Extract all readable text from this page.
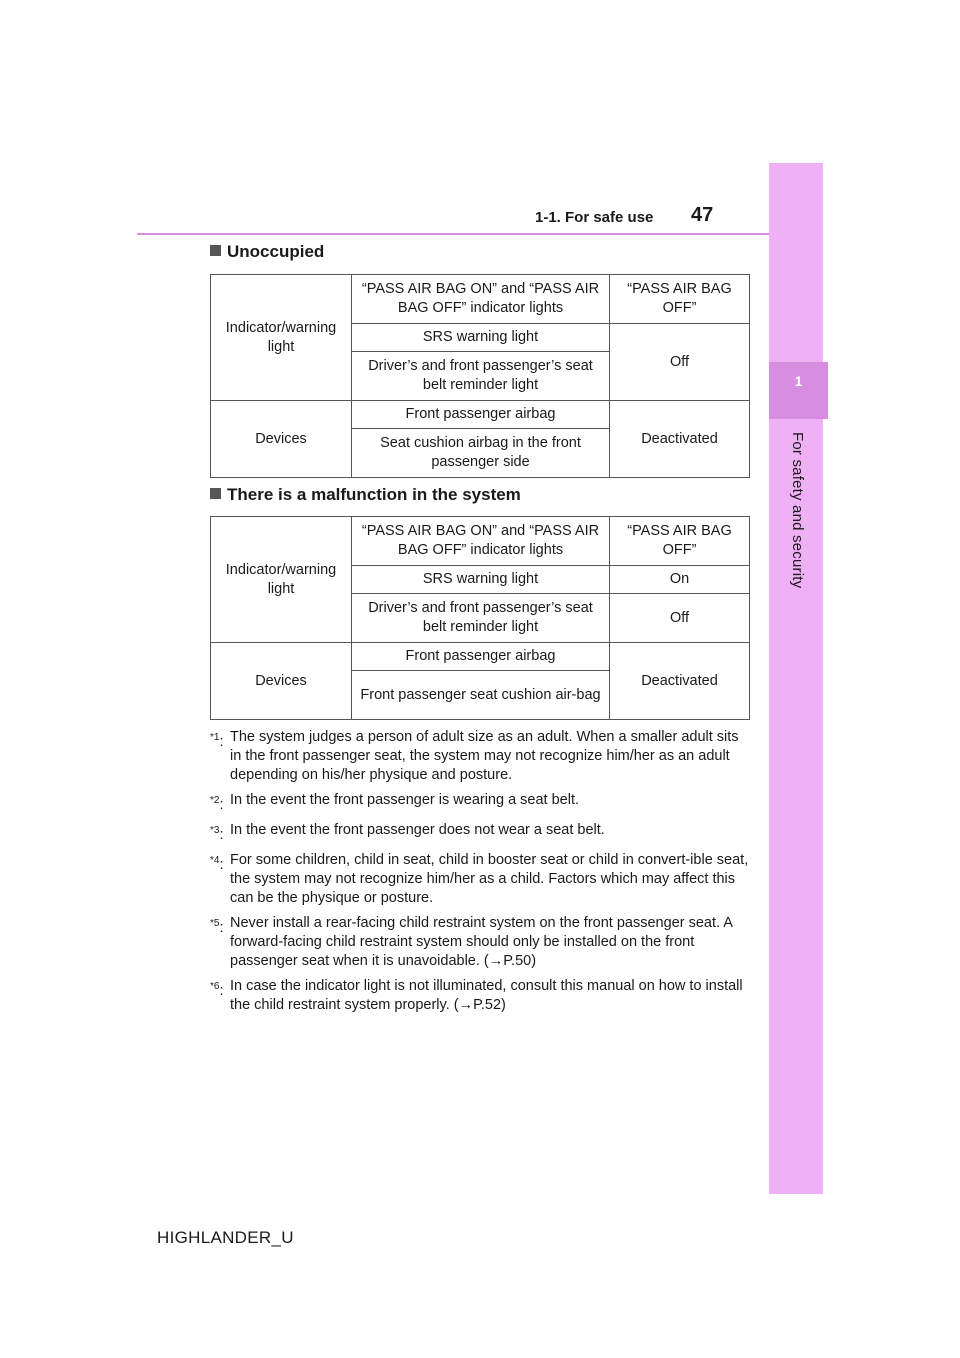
1
For safety and security
1-1. For safe use 47
Unoccupied
Indicator/warning light	“PASS AIR BAG ON” and “PASS AIR BAG OFF” indicator lights	“PASS AIR BAG OFF”
	SRS warning light	Off
	Driver’s and front passenger’s seat belt reminder light	
Devices	Front passenger airbag	Deactivated
	Seat cushion airbag in the front passenger side	
There is a malfunction in the system
Indicator/warning light	“PASS AIR BAG ON” and “PASS AIR BAG OFF” indicator lights	“PASS AIR BAG OFF”
	SRS warning light	On
	Driver’s and front passenger’s seat belt reminder light	Off
Devices	Front passenger airbag	Deactivated
	Front passenger seat cushion air-bag	
$^{*1}$: The system judges a person of adult size as an adult. When a smaller adult sits in the front passenger seat, the system may not recognize him/her as an adult depending on his/her physique and posture.
$^{*2}$: In the event the front passenger is wearing a seat belt.
$^{*3}$: In the event the front passenger does not wear a seat belt.
$^{*4}$: For some children, child in seat, child in booster seat or child in convert-ible seat, the system may not recognize him/her as a child. Factors which may affect this can be the physique or posture.
$^{*5}$: Never install a rear-facing child restraint system on the front passenger seat. A forward-facing child restraint system should only be installed on the front passenger seat when it is unavoidable. (→P.50)
$^{*6}$: In case the indicator light is not illuminated, consult this manual on how to install the child restraint system properly. (→P.52)
HIGHLANDER_U
